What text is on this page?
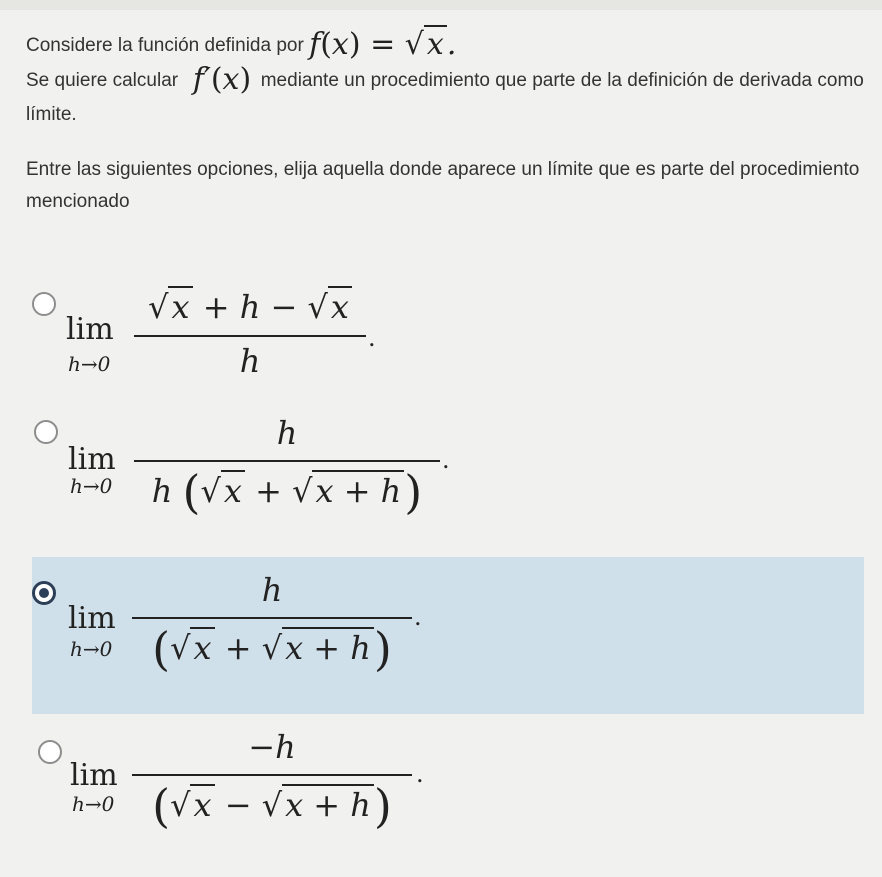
Considere la función definida por f(x) = √ x .

Se quiere calcular  f′(x) mediante un procedimiento que parte de la definición de derivada como límite.

Entre las siguientes opciones, elija aquella donde aparece un límite que es parte del procedimiento mencionado

lim
h→0
√x + h − √x
h
.
lim
h→0
h
h (√x + √x + h)
.
lim
h→0
h
(√x + √x + h)
.
lim
h→0
−h
(√x − √x + h)
.
